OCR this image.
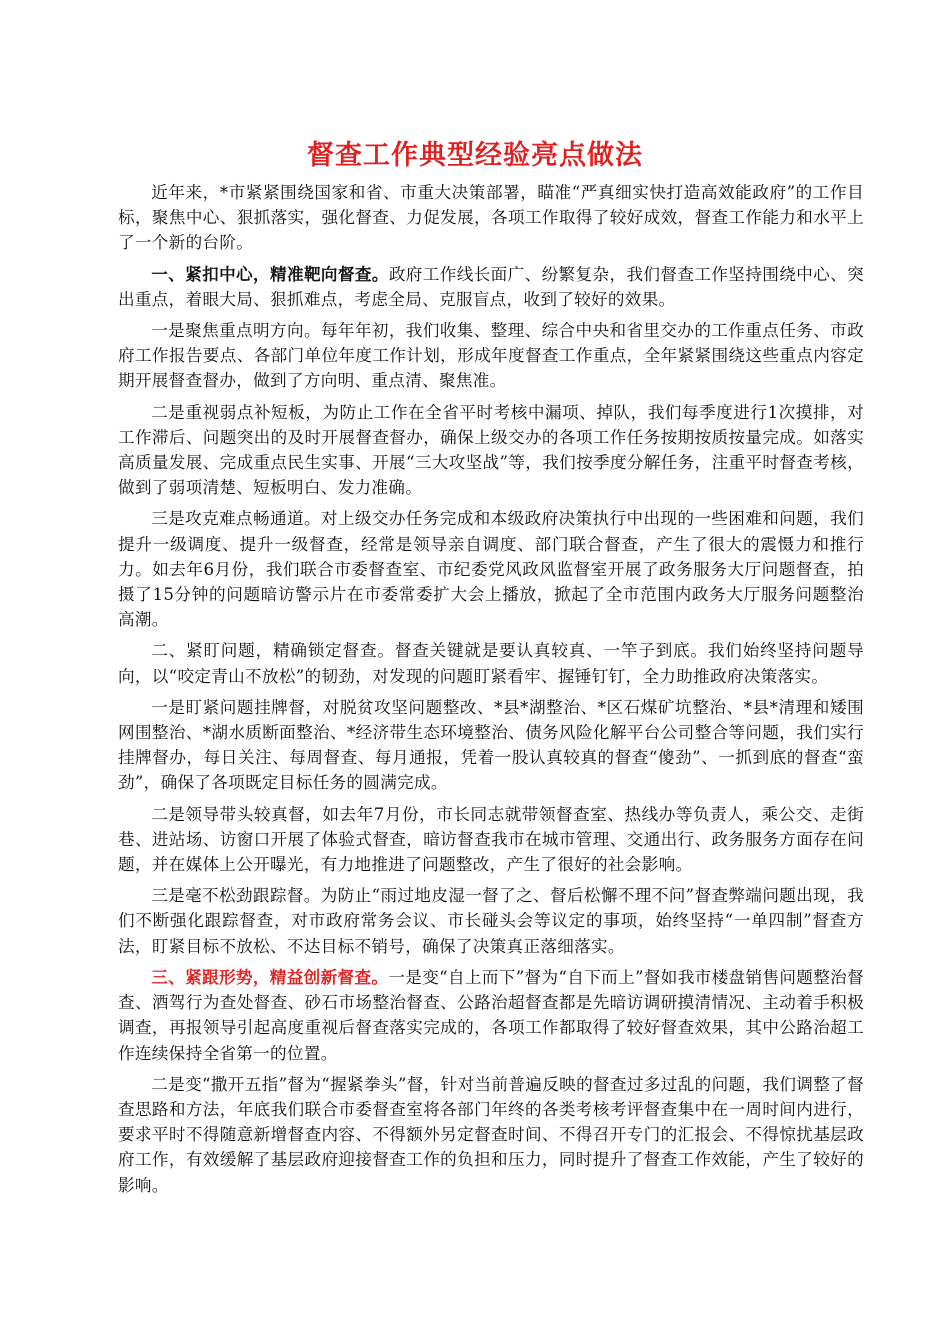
督查工作典型经验亮点做法

近年来，*市紧紧围绕国家和省、市重大决策部署，瞄准“严真细实快打造高效能政府”的工作目标，聚焦中心、狠抓落实，强化督查、力促发展，各项工作取得了较好成效，督查工作能力和水平上了一个新的台阶。

一、紧扣中心，精准靶向督查。政府工作线长面广、纷繁复杂，我们督查工作坚持围绕中心、突出重点，着眼大局、狠抓难点，考虑全局、克服盲点，收到了较好的效果。

一是聚焦重点明方向。每年年初，我们收集、整理、综合中央和省里交办的工作重点任务、市政府工作报告要点、各部门单位年度工作计划，形成年度督查工作重点，全年紧紧围绕这些重点内容定期开展督查督办，做到了方向明、重点清、聚焦准。

二是重视弱点补短板，为防止工作在全省平时考核中漏项、掉队，我们每季度进行1次摸排，对工作滞后、问题突出的及时开展督查督办，确保上级交办的各项工作任务按期按质按量完成。如落实高质量发展、完成重点民生实事、开展“三大攻坚战”等，我们按季度分解任务，注重平时督查考核，做到了弱项清楚、短板明白、发力准确。

三是攻克难点畅通道。对上级交办任务完成和本级政府决策执行中出现的一些困难和问题，我们提升一级调度、提升一级督查，经常是领导亲自调度、部门联合督查，产生了很大的震慑力和推行力。如去年6月份，我们联合市委督查室、市纪委党风政风监督室开展了政务服务大厅问题督查，拍摄了15分钟的问题暗访警示片在市委常委扩大会上播放，掀起了全市范围内政务大厅服务问题整治高潮。

二、紧盯问题，精确锁定督查。督查关键就是要认真较真、一竿子到底。我们始终坚持问题导向，以“咬定青山不放松”的韧劲，对发现的问题盯紧看牢、握锤钉钉，全力助推政府决策落实。

一是盯紧问题挂牌督，对脱贫攻坚问题整改、*县*湖整治、*区石煤矿坑整治、*县*清理和矮围网围整治、*湖水质断面整治、*经济带生态环境整治、债务风险化解平台公司整合等问题，我们实行挂牌督办，每日关注、每周督查、每月通报，凭着一股认真较真的督查“傻劲”、一抓到底的督查“蛮劲”，确保了各项既定目标任务的圆满完成。

二是领导带头较真督，如去年7月份，市长同志就带领督查室、热线办等负责人，乘公交、走街巷、进站场、访窗口开展了体验式督查，暗访督查我市在城市管理、交通出行、政务服务方面存在问题，并在媒体上公开曝光，有力地推进了问题整改，产生了很好的社会影响。

三是毫不松劲跟踪督。为防止“雨过地皮湿一督了之、督后松懈不理不问”督查弊端问题出现，我们不断强化跟踪督查，对市政府常务会议、市长碰头会等议定的事项，始终坚持“一单四制”督查方法，盯紧目标不放松、不达目标不销号，确保了决策真正落细落实。

三、紧跟形势，精益创新督查。一是变“自上而下”督为“自下而上”督如我市楼盘销售问题整治督查、酒驾行为查处督查、砂石市场整治督查、公路治超督查都是先暗访调研摸清情况、主动着手积极调查，再报领导引起高度重视后督查落实完成的，各项工作都取得了较好督查效果，其中公路治超工作连续保持全省第一的位置。

二是变“撒开五指”督为“握紧拳头”督，针对当前普遍反映的督查过多过乱的问题，我们调整了督查思路和方法，年底我们联合市委督查室将各部门年终的各类考核考评督查集中在一周时间内进行，要求平时不得随意新增督查内容、不得额外另定督查时间、不得召开专门的汇报会、不得惊扰基层政府工作，有效缓解了基层政府迎接督查工作的负担和压力，同时提升了督查工作效能，产生了较好的影响。
